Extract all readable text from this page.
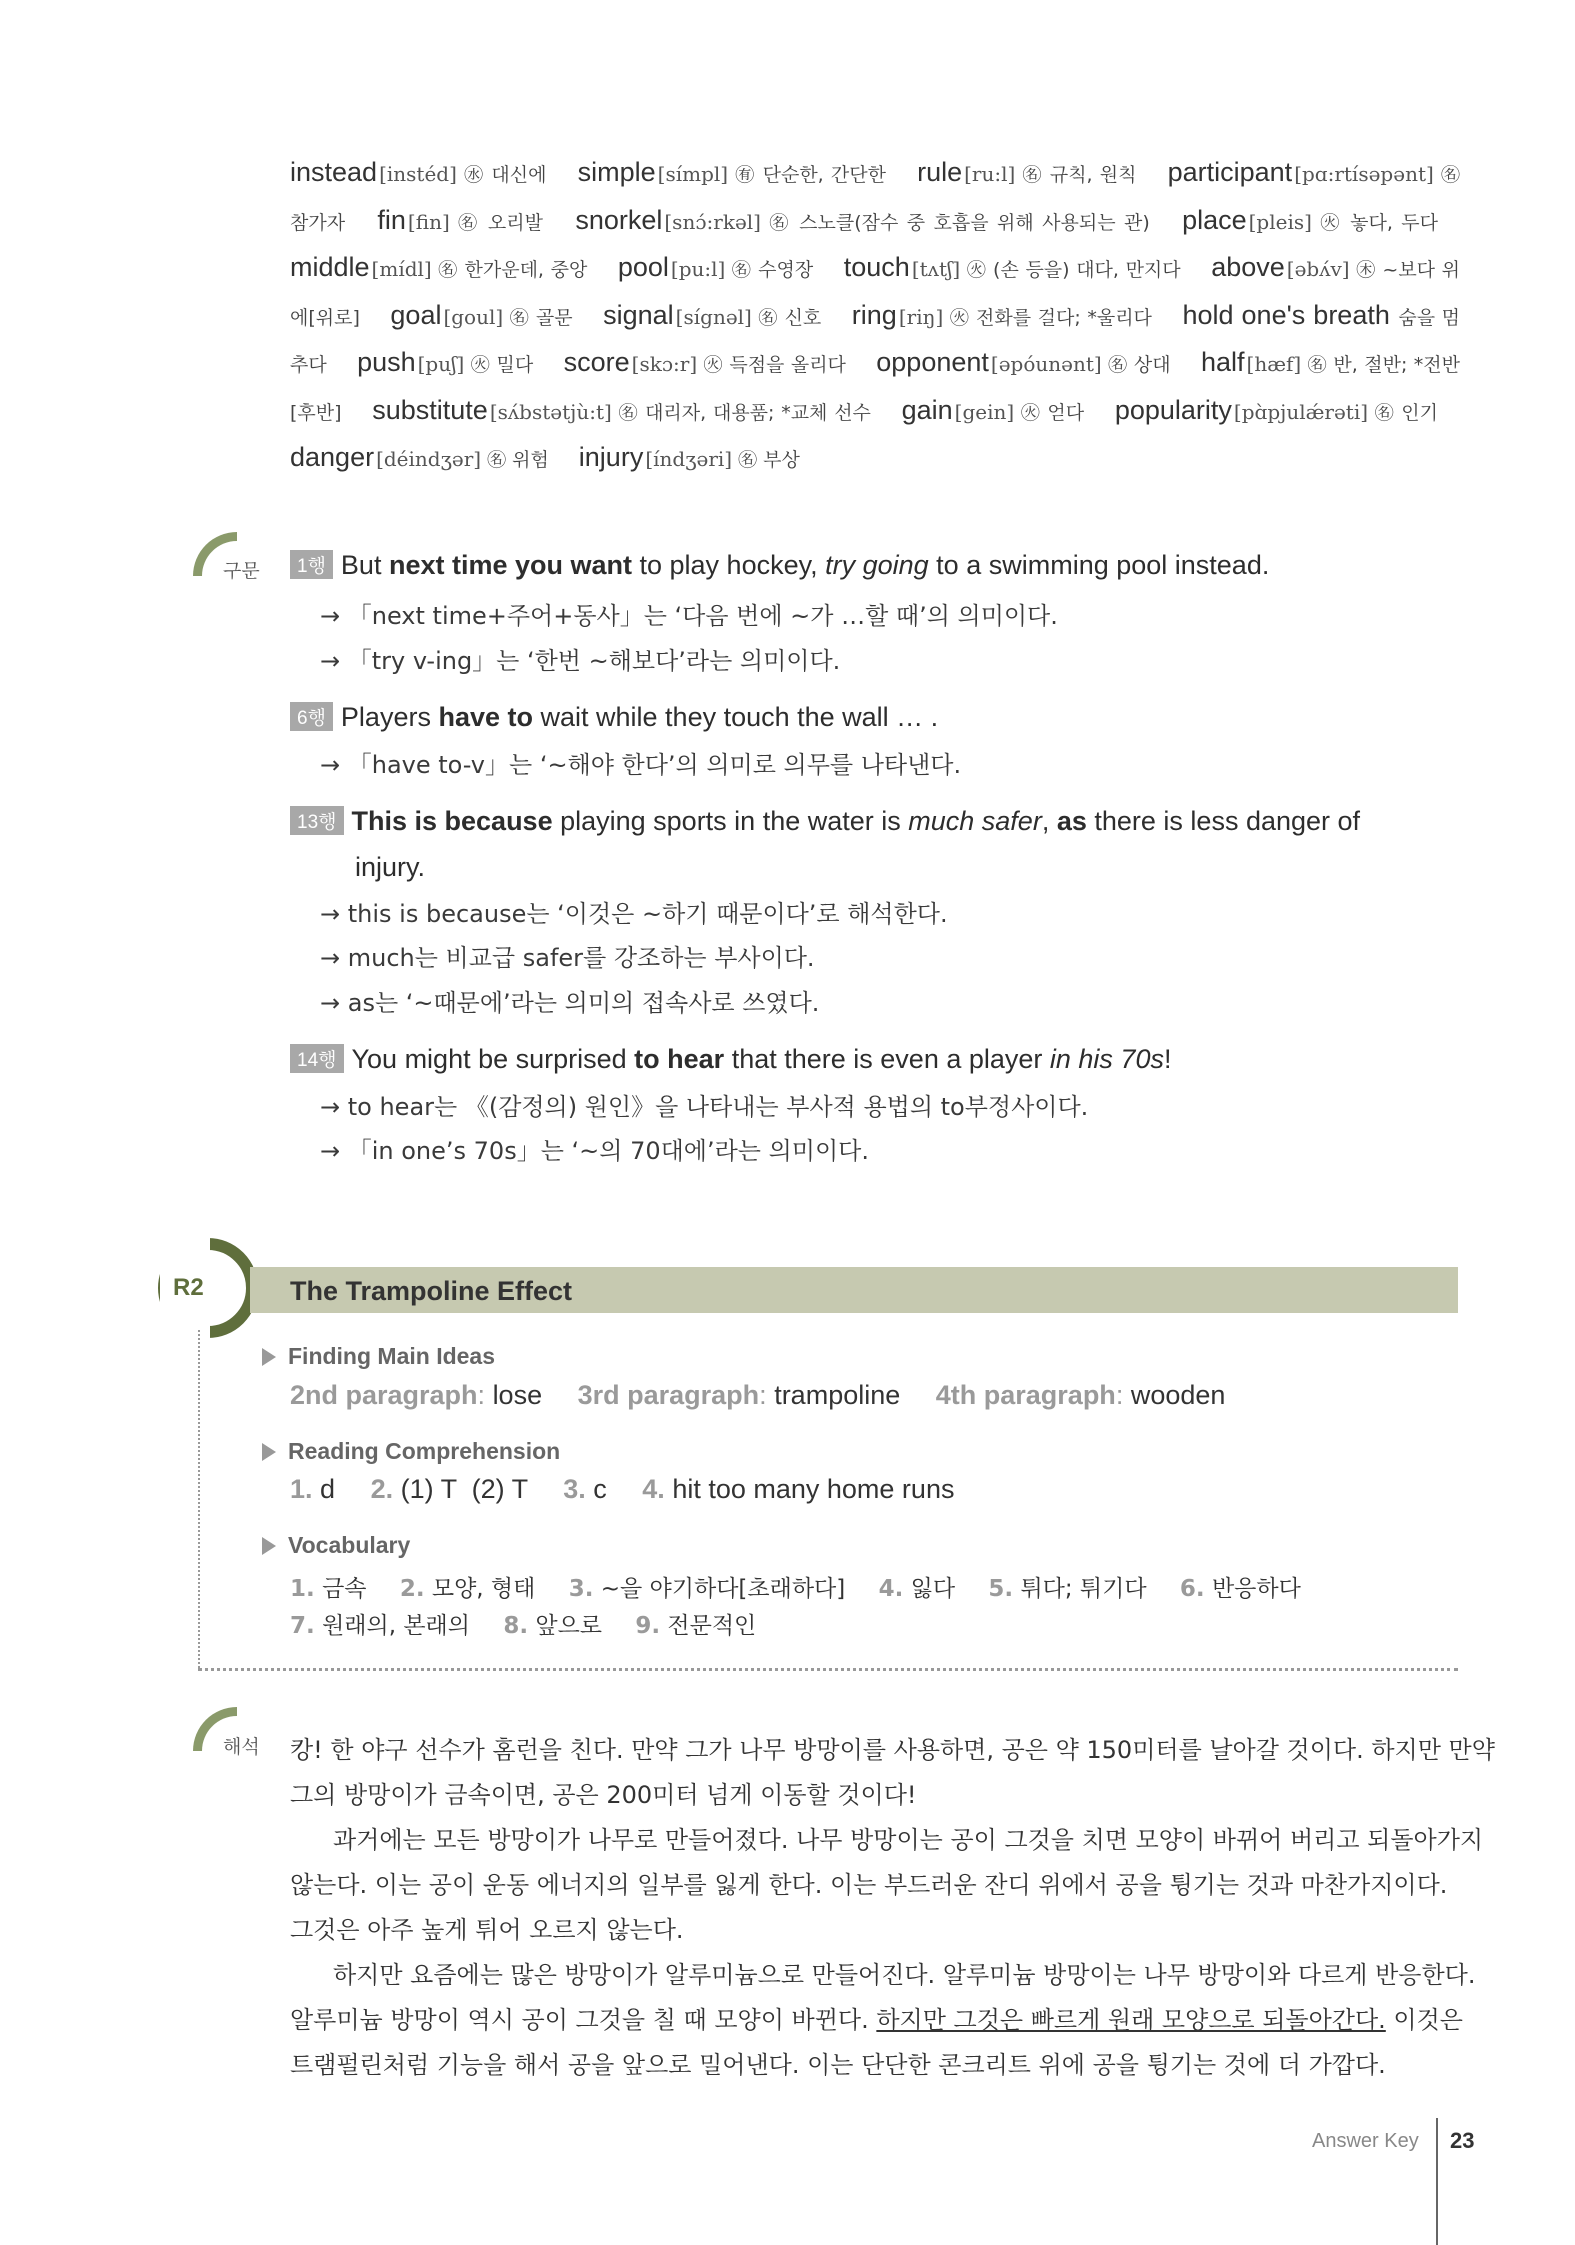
instead [instéd] ㊌ 대신에 simple [símpl] ㊒ 단순한, 간단한 rule [ru:l] ㊔ 규칙, 원칙 participant [pɑ:rtísəpənt] ㊔ 참가자 fin [fin] ㊔ 오리발 snorkel [snɔ́:rkəl] ㊔ 스노클(잠수 중 호흡을 위해 사용되는 관) place [pleis] ㊋ 놓다, 두다 middle [mídl] ㊔ 한가운데, 중앙 pool [pu:l] ㊔ 수영장 touch [tʌtʃ] ㊋ (손 등을) 대다, 만지다 above [əbʌ́v] ㊍ ~보다 위에[위로] goal [goul] ㊔ 골문 signal [sígnəl] ㊔ 신호 ring [riŋ] ㊋ 전화를 걸다; *울리다 hold one's breath 숨을 멈추다 push [puʃ] ㊋ 밀다 score [skɔ:r] ㊋ 득점을 올리다 opponent [əpóunənt] ㊔ 상대 half [hæf] ㊔ 반, 절반; *전반[후반] substitute [sʌ́bstətjù:t] ㊔ 대리자, 대용품; *교체 선수 gain [gein] ㊋ 얻다 popularity [pɑ̀pjulǽrəti] ㊔ 인기 danger [déindʒər] ㊔ 위험 injury [índʒəri] ㊔ 부상
구문	1행 But next time you want to play hockey, try going to a swimming pool instead.
→ 「next time+주어+동사」는 ‘다음 번에 ~가 …할 때’의 의미이다.
→ 「try v-ing」는 ‘한번 ~해보다’라는 의미이다.
6행 Players have to wait while they touch the wall … .
→ 「have to-v」는 ‘~해야 한다’의 의미로 의무를 나타낸다.
13행 This is because playing sports in the water is much safer, as there is less danger of
injury.
→ this is because는 ‘이것은 ~하기 때문이다’로 해석한다.
→ much는 비교급 safer를 강조하는 부사이다.
→ as는 ‘~때문에’라는 의미의 접속사로 쓰였다.
14행 You might be surprised to hear that there is even a player in his 70s!
→ to hear는 《(감정의) 원인》을 나타내는 부사적 용법의 to부정사이다.
→ 「in one’s 70s」는 ‘~의 70대에’라는 의미이다.
R2	The Trampoline Effect
Finding Main Ideas
2nd paragraph: lose 3rd paragraph: trampoline 4th paragraph: wooden
Reading Comprehension
1. d 2. (1) T  (2) T 3. c 4. hit too many home runs
Vocabulary
1. 금속 2. 모양, 형태 3. ~을 야기하다[초래하다] 4. 잃다 5. 튀다; 튀기다 6. 반응하다
7. 원래의, 본래의 8. 앞으로 9. 전문적인
해석 캉! 한 야구 선수가 홈런을 친다. 만약 그가 나무 방망이를 사용하면, 공은 약 150미터를 날아갈 것이다. 하지만 만약
그의 방망이가 금속이면, 공은 200미터 넘게 이동할 것이다!
과거에는 모든 방망이가 나무로 만들어졌다. 나무 방망이는 공이 그것을 치면 모양이 바뀌어 버리고 되돌아가지
않는다. 이는 공이 운동 에너지의 일부를 잃게 한다. 이는 부드러운 잔디 위에서 공을 튕기는 것과 마찬가지이다.
그것은 아주 높게 튀어 오르지 않는다.
하지만 요즘에는 많은 방망이가 알루미늄으로 만들어진다. 알루미늄 방망이는 나무 방망이와 다르게 반응한다.
알루미늄 방망이 역시 공이 그것을 칠 때 모양이 바뀐다. 하지만 그것은 빠르게 원래 모양으로 되돌아간다. 이것은
트램펄린처럼 기능을 해서 공을 앞으로 밀어낸다. 이는 단단한 콘크리트 위에 공을 튕기는 것에 더 가깝다.
Answer Key 23
